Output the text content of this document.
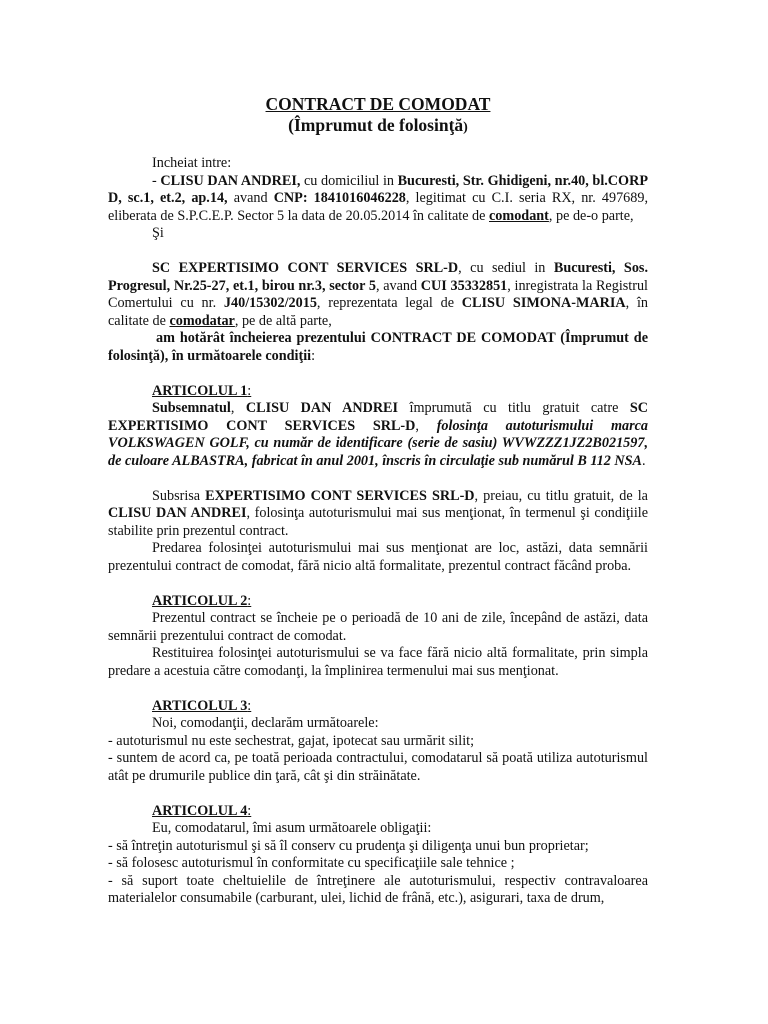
CONTRACT DE COMODAT

(Împrumut de folosinţă)

Incheiat intre:

- CLISU DAN ANDREI, cu domiciliul in Bucuresti, Str. Ghidigeni, nr.40, bl.CORP D, sc.1, et.2, ap.14, avand CNP: 1841016046228, legitimat cu C.I. seria RX, nr. 497689, eliberata de S.P.C.E.P. Sector 5 la data de 20.05.2014 în calitate de comodant, pe de-o parte,

Şi

SC EXPERTISIMO CONT SERVICES SRL-D, cu sediul in Bucuresti, Sos. Progresul, Nr.25-27, et.1, birou nr.3, sector 5, avand CUI 35332851, inregistrata la Registrul Comertului cu nr. J40/15302/2015, reprezentata legal de CLISU SIMONA-MARIA, în calitate de comodatar, pe de altă parte,

am hotărât încheierea prezentului CONTRACT DE COMODAT (Împrumut de folosinţă), în următoarele condiţii:

ARTICOLUL 1:

Subsemnatul, CLISU DAN ANDREI împrumută cu titlu gratuit catre SC EXPERTISIMO CONT SERVICES SRL-D, folosinţa autoturismului marca VOLKSWAGEN GOLF, cu număr de identificare (serie de sasiu) WVWZZZ1JZ2B021597, de culoare ALBASTRA, fabricat în anul 2001, înscris în circulaţie sub numărul B 112 NSA.

Subsrisa EXPERTISIMO CONT SERVICES SRL-D, preiau, cu titlu gratuit, de la CLISU DAN ANDREI, folosinţa autoturismului mai sus menţionat, în termenul şi condiţiile stabilite prin prezentul contract.

Predarea folosinţei autoturismului mai sus menţionat are loc, astăzi, data semnării prezentului contract de comodat, fără nicio altă formalitate, prezentul contract făcând proba.

ARTICOLUL 2:

Prezentul contract se încheie pe o perioadă de 10 ani de zile, începând de astăzi, data semnării prezentului contract de comodat.

Restituirea folosinţei autoturismului se va face fără nicio altă formalitate, prin simpla predare a acestuia către comodanţi, la împlinirea termenului mai sus menţionat.

ARTICOLUL 3:

Noi, comodanţii, declarăm următoarele:

- autoturismul nu este sechestrat, gajat, ipotecat sau urmărit silit;

- suntem de acord ca, pe toată perioada contractului, comodatarul să poată utiliza autoturismul atât pe drumurile publice din ţară, cât şi din străinătate.

ARTICOLUL 4:

Eu, comodatarul, îmi asum următoarele obligaţii:

- să întreţin autoturismul şi să îl conserv cu prudenţa şi diligenţa unui bun proprietar;

- să folosesc autoturismul în conformitate cu specificaţiile sale tehnice ;

- să suport toate cheltuielile de întreţinere ale autoturismului, respectiv contravaloarea materialelor consumabile (carburant, ulei, lichid de frână, etc.), asigurari, taxa de drum,
